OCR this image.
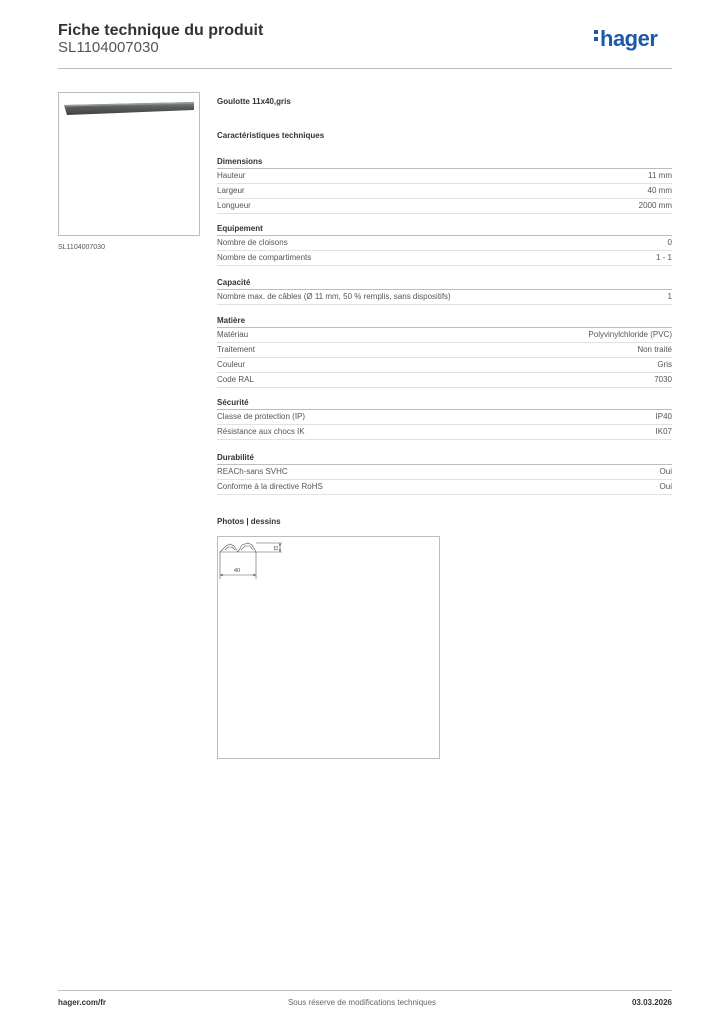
Fiche technique du produit
SL1104007030	hager
SL1104007030
Goulotte 11x40,gris
Caractéristiques techniques
Dimensions
Hauteur	11 mm
Largeur	40 mm
Longueur	2000 mm
Equipement
Nombre de cloisons	0
Nombre de compartiments	1 - 1
Capacité
Nombre max. de câbles (Ø 11 mm, 50 % remplis, sans dispositifs)	1
Matière
Matériau	Polyvinylchloride (PVC)
Traitement	Non traité
Couleur	Gris
Code RAL	7030
Sécurité
Classe de protection (IP)	IP40
Résistance aux chocs IK	IK07
Durabilité
REACh-sans SVHC	Oui
Conforme à la directive RoHS	Oui
Photos | dessins
11
40
hager.com/fr	Sous réserve de modifications techniques	03.03.2026
